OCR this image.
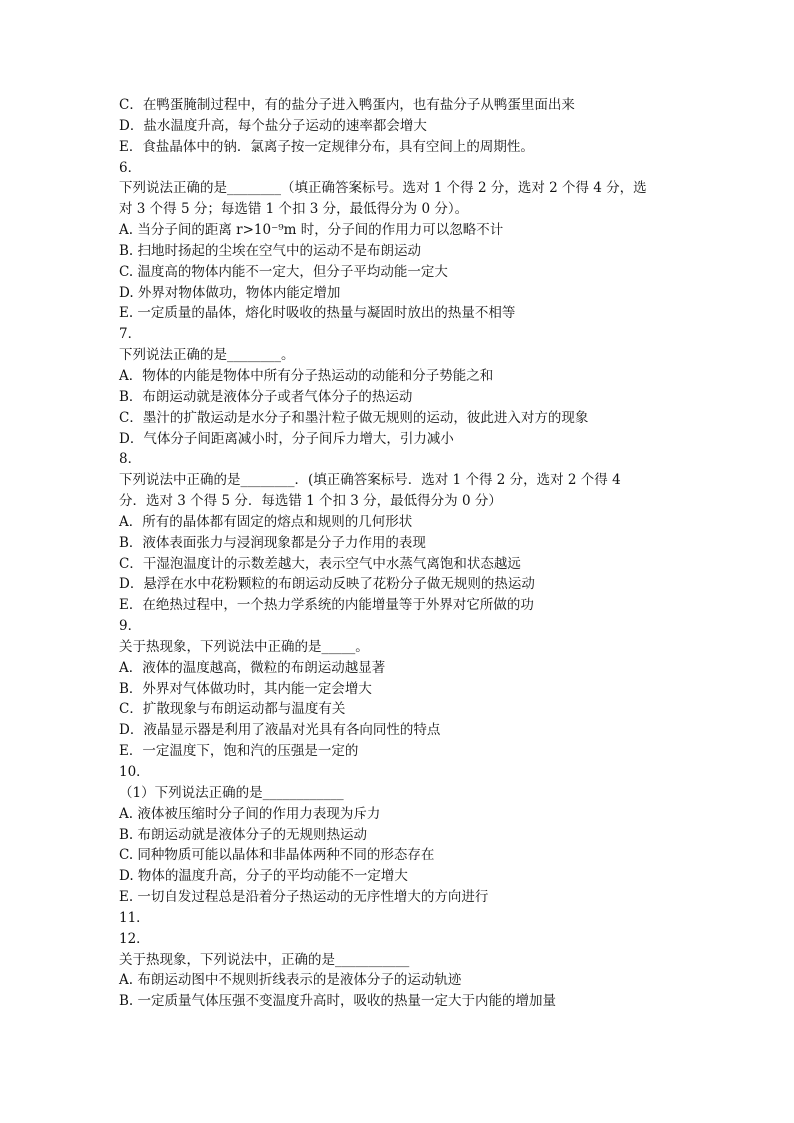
C．在鸭蛋腌制过程中，有的盐分子进入鸭蛋内，也有盐分子从鸭蛋里面出来
D．盐水温度升高，每个盐分子运动的速率都会增大
E．食盐晶体中的钠．氯离子按一定规律分布，具有空间上的周期性。
6．
下列说法正确的是________（填正确答案标号。选对 1 个得 2 分，选对 2 个得 4 分，选
对 3 个得 5 分；每选错 1 个扣 3 分，最低得分为 0 分）。
A. 当分子间的距离 r>10⁻⁹m 时，分子间的作用力可以忽略不计
B. 扫地时扬起的尘埃在空气中的运动不是布朗运动
C. 温度高的物体内能不一定大，但分子平均动能一定大
D. 外界对物体做功，物体内能定增加
E. 一定质量的晶体，熔化时吸收的热量与凝固时放出的热量不相等
7．
下列说法正确的是________。
A．物体的内能是物体中所有分子热运动的动能和分子势能之和
B．布朗运动就是液体分子或者气体分子的热运动
C．墨汁的扩散运动是水分子和墨汁粒子做无规则的运动，彼此进入对方的现象
D．气体分子间距离减小时，分子间斥力增大，引力减小
8．
下列说法中正确的是________．(填正确答案标号．选对 1 个得 2 分，选对 2 个得 4
分．选对 3 个得 5 分．每选错 1 个扣 3 分，最低得分为 0 分）
A．所有的晶体都有固定的熔点和规则的几何形状
B．液体表面张力与浸润现象都是分子力作用的表现
C．干湿泡温度计的示数差越大，表示空气中水蒸气离饱和状态越远
D．悬浮在水中花粉颗粒的布朗运动反映了花粉分子做无规则的热运动
E．在绝热过程中，一个热力学系统的内能增量等于外界对它所做的功
9．
关于热现象，下列说法中正确的是_____。
A．液体的温度越高，微粒的布朗运动越显著
B．外界对气体做功时，其内能一定会增大
C．扩散现象与布朗运动都与温度有关
D．液晶显示器是利用了液晶对光具有各向同性的特点
E．一定温度下，饱和汽的压强是一定的
10．
（1）下列说法正确的是____________
A. 液体被压缩时分子间的作用力表现为斥力
B. 布朗运动就是液体分子的无规则热运动
C. 同种物质可能以晶体和非晶体两种不同的形态存在
D. 物体的温度升高，分子的平均动能不一定增大
E. 一切自发过程总是沿着分子热运动的无序性增大的方向进行
11．
12．
关于热现象，下列说法中，正确的是___________
A. 布朗运动图中不规则折线表示的是液体分子的运动轨迹
B. 一定质量气体压强不变温度升高时，吸收的热量一定大于内能的增加量
